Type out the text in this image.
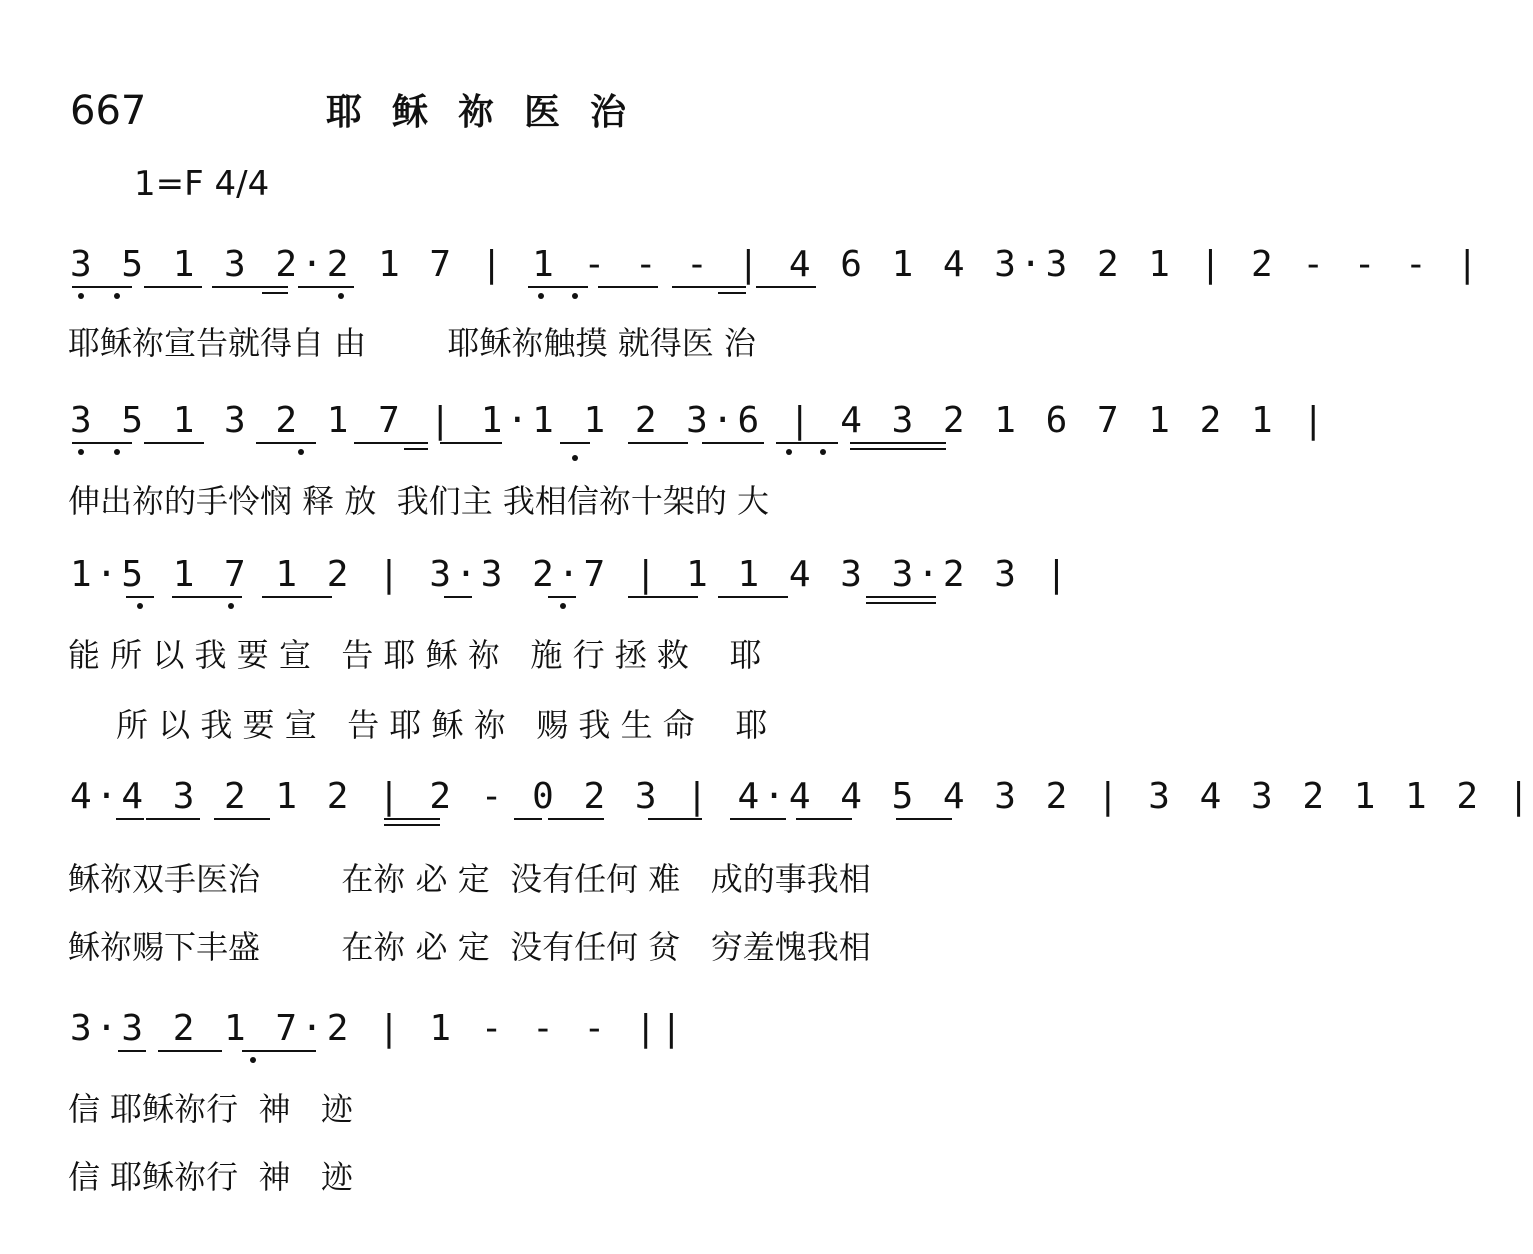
667	耶稣祢医治
1=F 4/4
3 5 1 3 2·2 1 7 | 1 - - - | 4 6 1 4 3·3 2 1 | 2 - - - |
耶稣祢宣告就得自 由        耶稣祢触摸 就得医 治
3 5 1 3 2 1 7 | 1·1 1 2 3·6 | 4 3 2 1 6 7 1 2 1 |
伸出祢的手怜悯 释 放  我们主 我相信祢十架的 大
1·5 1 7 1 2 | 3·3 2·7 | 1 1 4 3 3·2 3 |
能 所 以 我 要 宣   告 耶 稣 祢   施 行 拯 救    耶
所 以 我 要 宣   告 耶 稣 祢   赐 我 生 命    耶
4·4 3 2 1 2 | 2 - 0 2 3 | 4·4 4 5 4 3 2 | 3 4 3 2 1 1 2 |
稣祢双手医治        在祢 必 定  没有任何 难   成的事我相
稣祢赐下丰盛        在祢 必 定  没有任何 贫   穷羞愧我相
3·3 2 1 7·2 | 1 - - - ||
信 耶稣祢行  神   迹
信 耶稣祢行  神   迹
